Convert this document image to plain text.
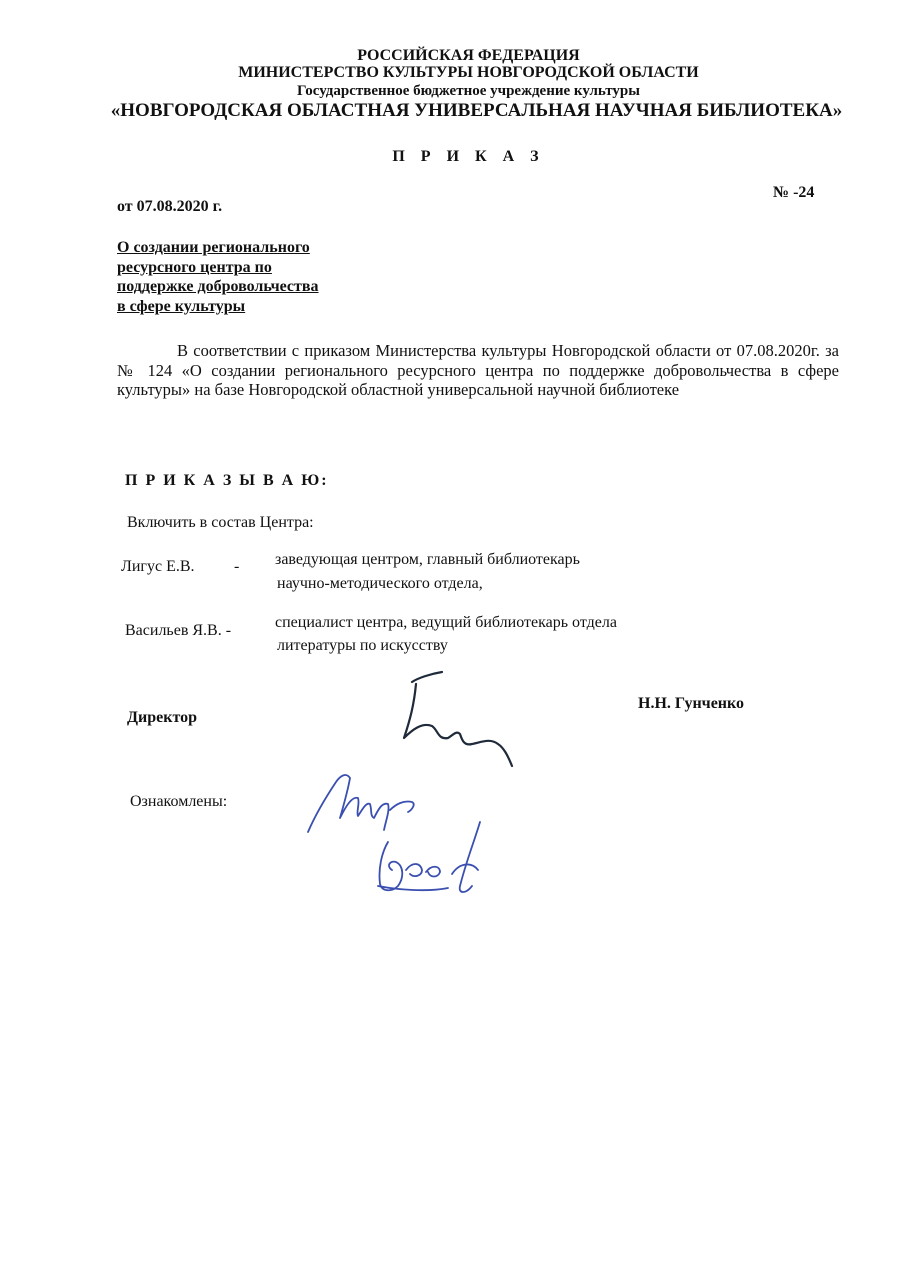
РОССИЙСКАЯ ФЕДЕРАЦИЯ
МИНИСТЕРСТВО КУЛЬТУРЫ НОВГОРОДСКОЙ ОБЛАСТИ
Государственное бюджетное учреждение культуры
«НОВГОРОДСКАЯ ОБЛАСТНАЯ УНИВЕРСАЛЬНАЯ НАУЧНАЯ БИБЛИОТЕКА»
П Р И К А З
от 07.08.2020 г.
№ -24
О создании регионального
ресурсного центра по
поддержке добровольчества
в сфере культуры
В соответствии с приказом Министерства культуры Новгородской области от 07.08.2020г. за № 124 «О создании регионального ресурсного центра по поддержке добровольчества в сфере культуры» на базе Новгородской областной универсальной научной библиотеке
П Р И К А З Ы В А Ю:
Включить в состав Центра:
Лигус Е.В. - заведующая центром, главный библиотекарь
научно-методического отдела,
Васильев Я.В. -	специалист центра, ведущий библиотекарь отдела
литературы по искусству
Директор
Н.Н. Гунченко
Ознакомлены:
